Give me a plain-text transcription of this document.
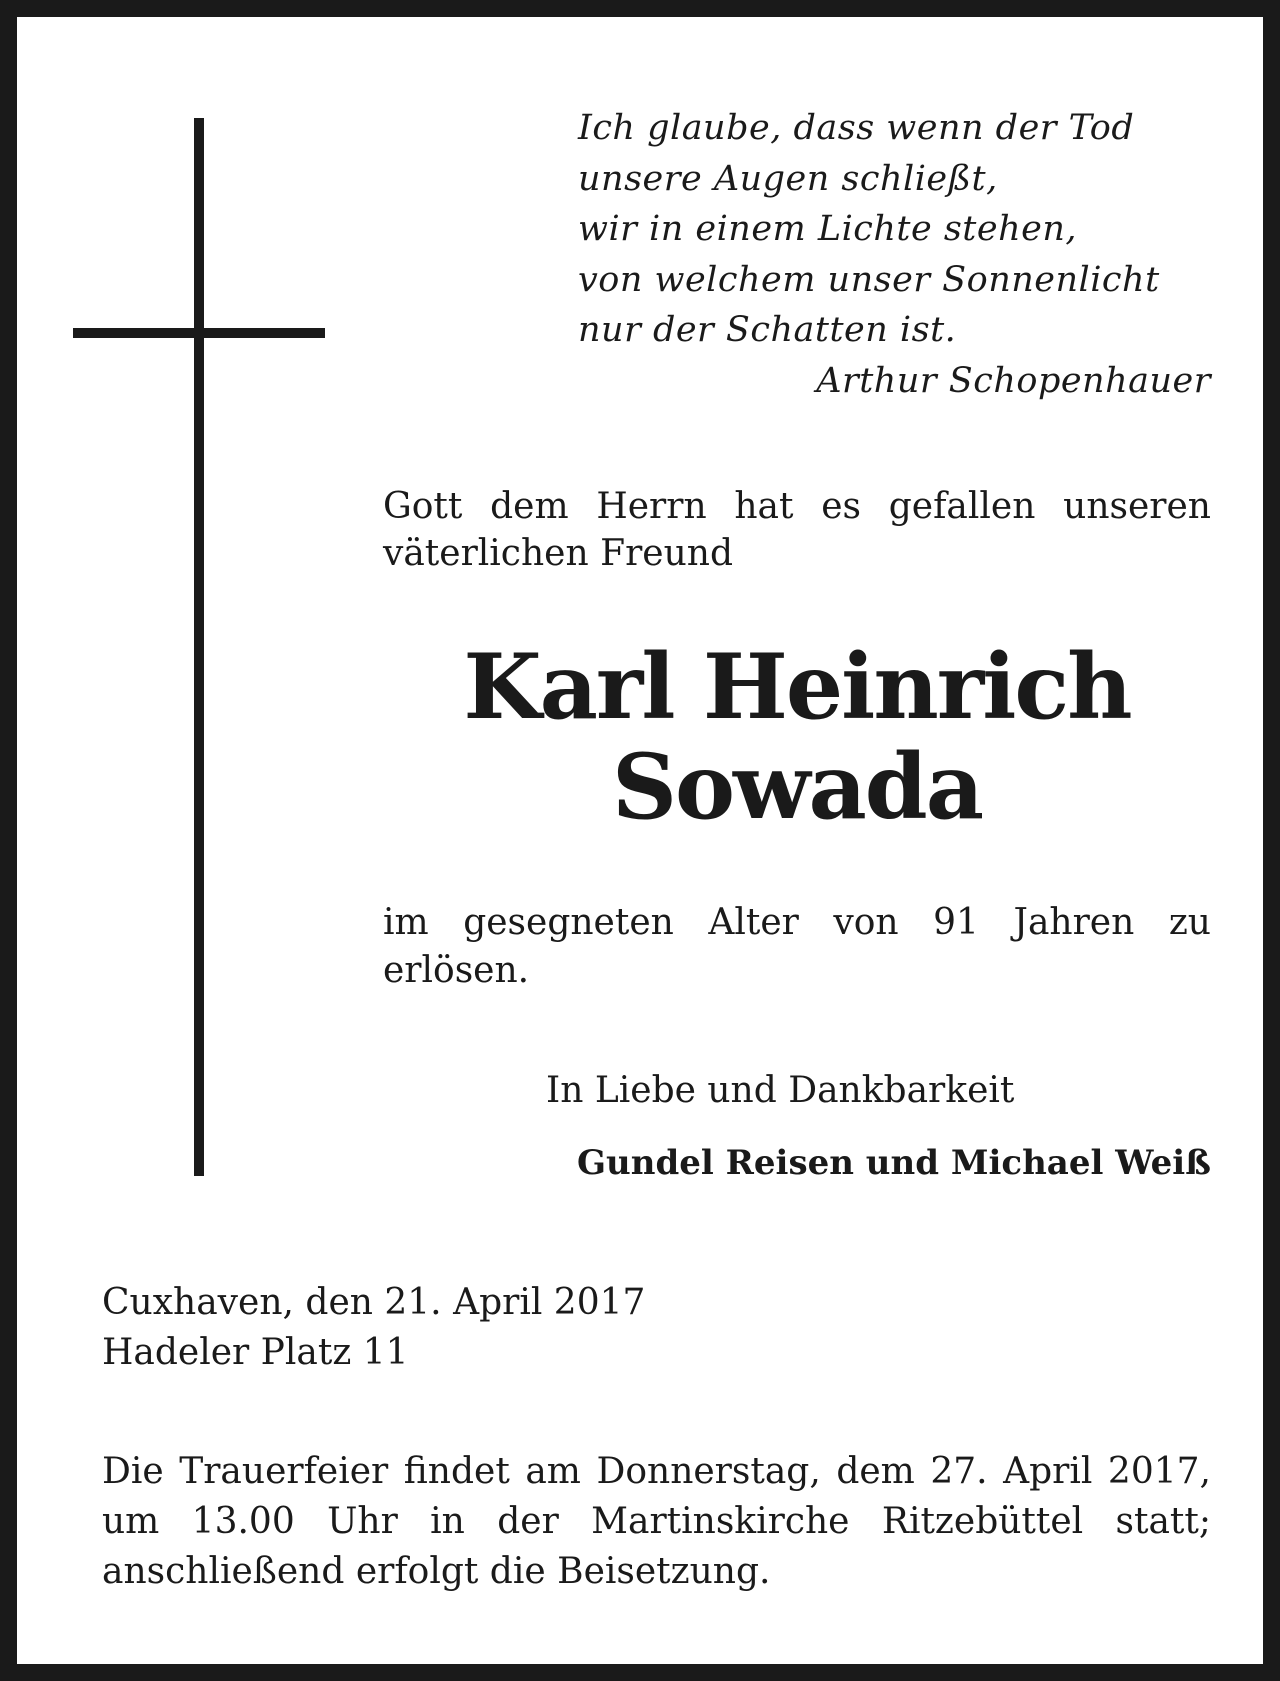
Ich glaube, dass wenn der Tod
unsere Augen schließt,
wir in einem Lichte stehen,
von welchem unser Sonnenlicht
nur der Schatten ist.
Arthur Schopenhauer
Gott dem Herrn hat es gefallen unseren väterlichen Freund
Karl Heinrich
Sowada
im gesegneten Alter von 91 Jahren zu erlösen.
In Liebe und Dankbarkeit
Gundel Reisen und Michael Weiß
Cuxhaven, den 21. April 2017
Hadeler Platz 11
Die Trauerfeier findet am Donnerstag, dem 27. April 2017, um 13.00 Uhr in der Martinskirche Ritzebüttel statt; anschließend erfolgt die Beisetzung.
